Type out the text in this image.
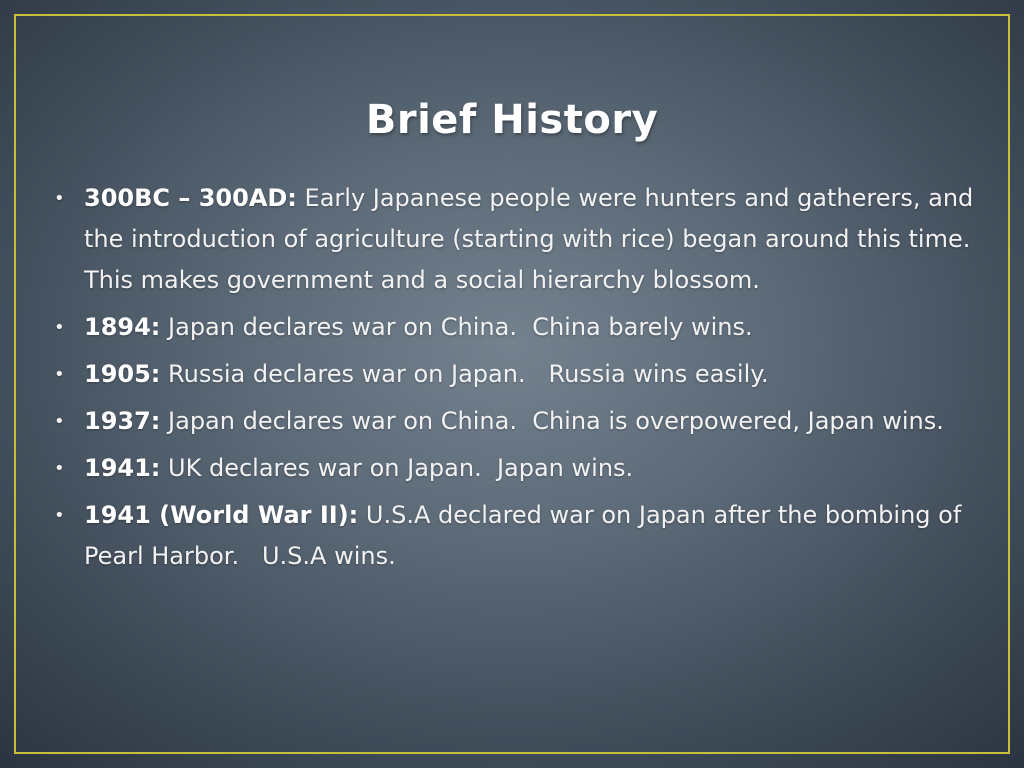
Brief History
• 300BC – 300AD: Early Japanese people were hunters and gatherers, and the introduction of agriculture (starting with rice) began around this time. This makes government and a social hierarchy blossom.
• 1894: Japan declares war on China.  China barely wins.
• 1905: Russia declares war on Japan.   Russia wins easily.
• 1937: Japan declares war on China.  China is overpowered, Japan wins.
• 1941: UK declares war on Japan.  Japan wins.
• 1941 (World War II): U.S.A declared war on Japan after the bombing of Pearl Harbor.   U.S.A wins.
